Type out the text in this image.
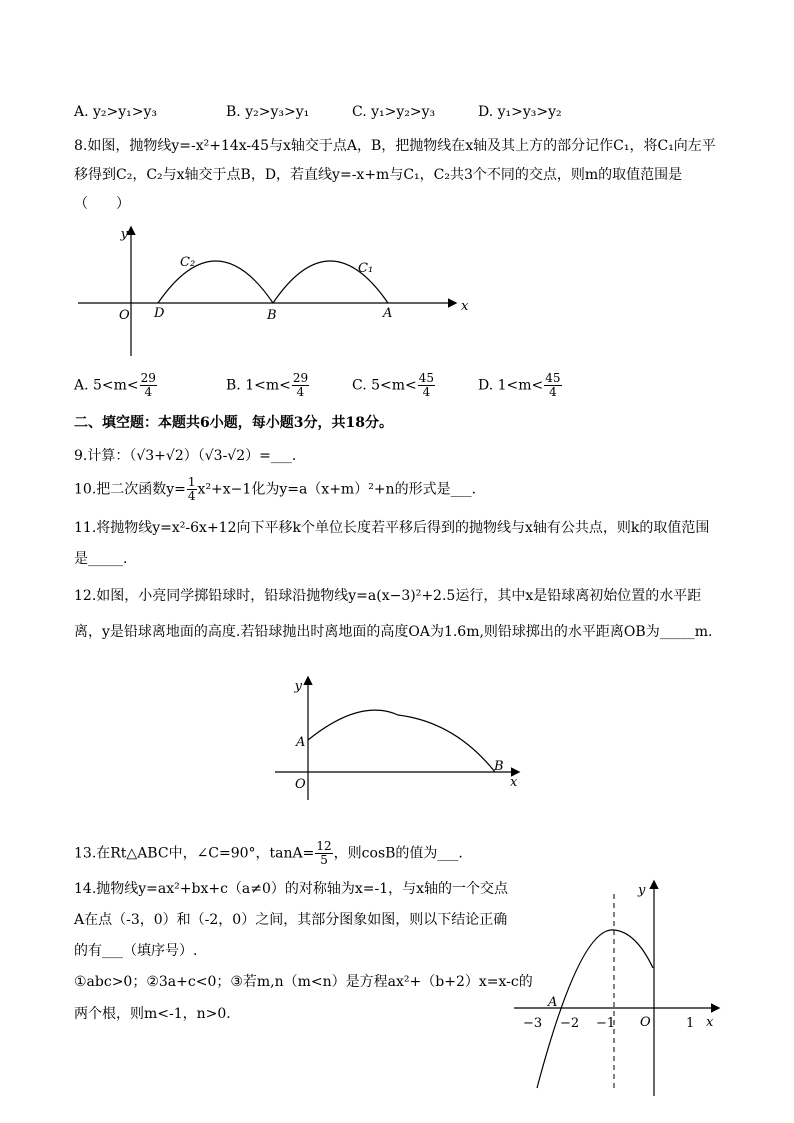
A. y₂>y₁>y₃	B. y₂>y₃>y₁	C. y₁>y₂>y₃	D. y₁>y₃>y₂
8.如图，抛物线y=-x²+14x-45与x轴交于点A，B，把抛物线在x轴及其上方的部分记作C₁，将C₁向左平
移得到C₂，C₂与x轴交于点B，D，若直线y=-x+m与C₁，C₂共3个不同的交点，则m的取值范围是
（　　）
y
x
O D	B	A
C₂	C₁
A. $5<m< \frac{29}{4}$	B. $1<m< \frac{29}{4}$	C. $5<m< \frac{45}{4}$	D. $1<m< \frac{45}{4}$
二、填空题：本题共6小题，每小题3分，共18分。
9.计算：（√3+√2）（√3-√2）=___.
10.把二次函数$y= \frac{1}{4} x^2+x-1$化为y=a（x+m）²+n的形式是___.
11.将抛物线y=x²-6x+12向下平移k个单位长度若平移后得到的抛物线与x轴有公共点，则k的取值范围
是_____.
12.如图，小亮同学掷铅球时，铅球沿抛物线y=a(x−3)²+2.5运行，其中x是铅球离初始位置的水平距
离，y是铅球离地面的高度.若铅球抛出时离地面的高度OA为1.6m,则铅球掷出的水平距离OB为_____m.
y
x
O
A
B
13.在Rt△ABC中，∠C=90°，$\tan A= \frac{12}{5}$ ，则cosB的值为___.
14.抛物线y=ax²+bx+c（a≠0）的对称轴为x=-1，与x轴的一个交点
A在点（-3，0）和（-2，0）之间，其部分图象如图，则以下结论正确
的有___（填序号）.
①abc>0；②3a+c<0；③若m,n（m<n）是方程ax²+（b+2）x=x-c的
两个根，则m<-1，n>0.
y
x
O
A
−3 −2 −1	1
